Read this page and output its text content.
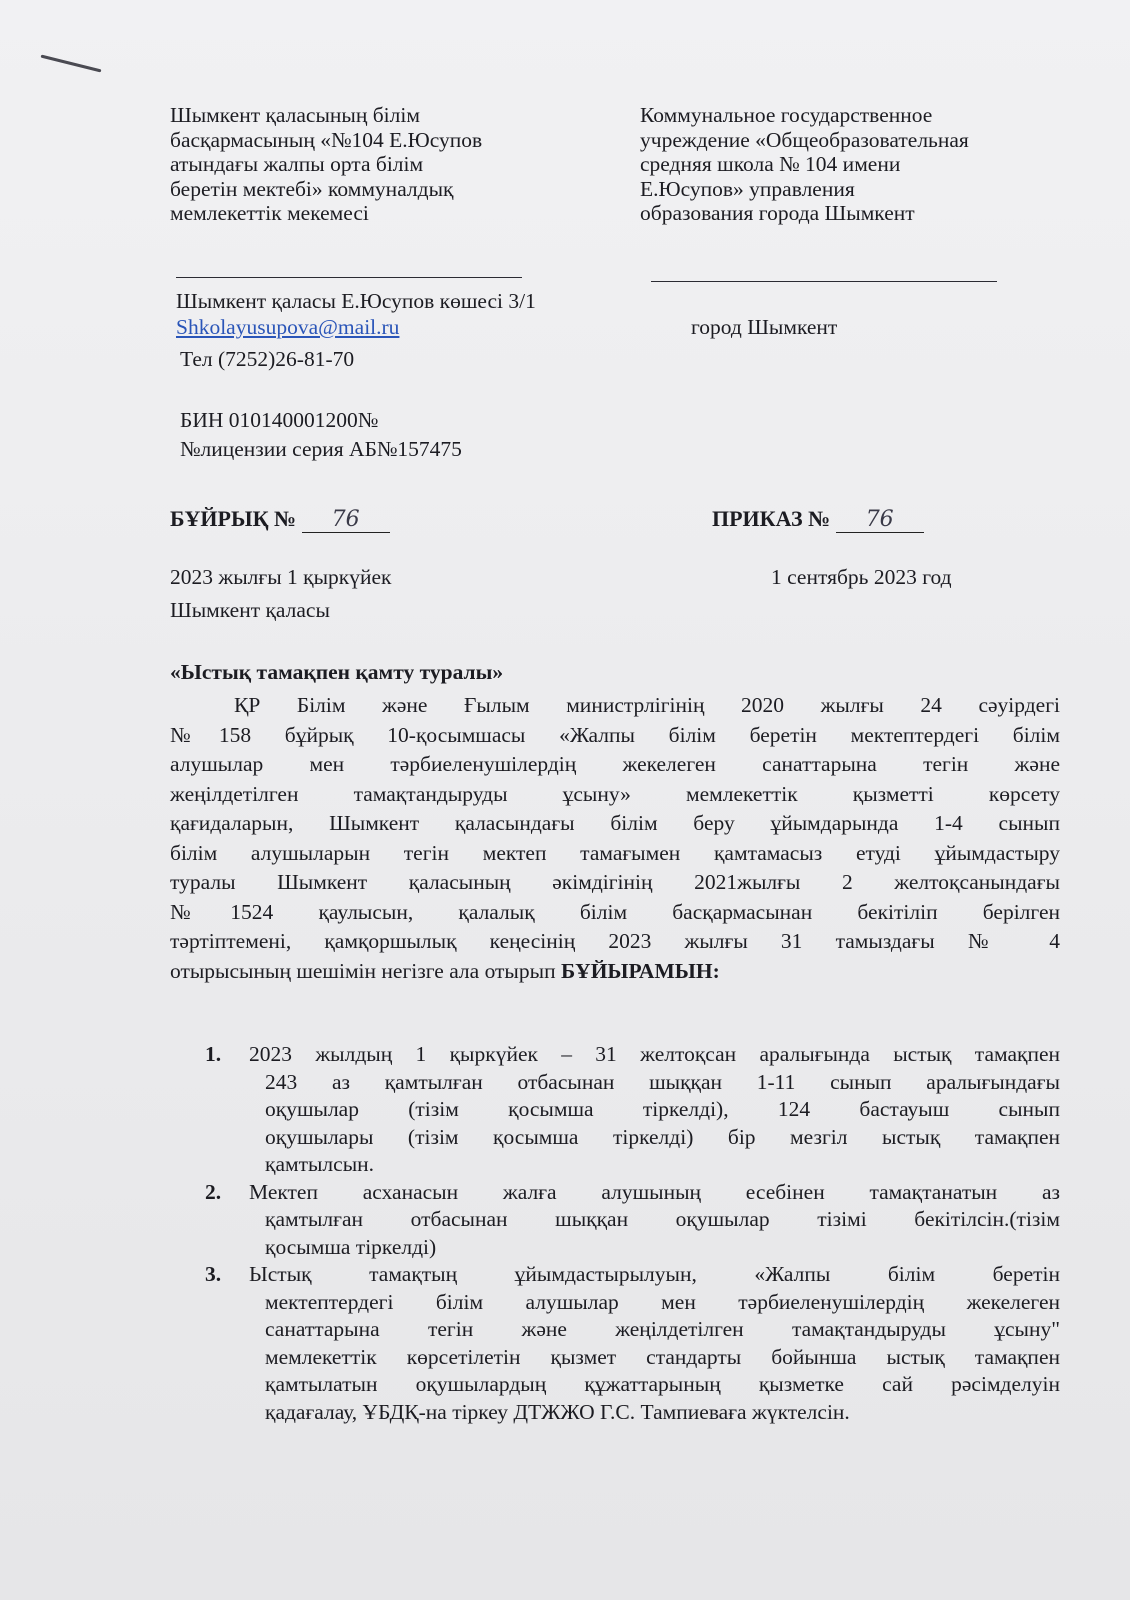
Шымкент қаласының білім
басқармасының «№104 Е.Юсупов
атындағы жалпы орта білім
беретін мектебі» коммуналдық
мемлекеттік мекемесі
Коммунальное государственное
учреждение «Общеобразовательная
средняя школа № 104 имени
Е.Юсупов» управления
образования города Шымкент
Шымкент қаласы Е.Юсупов көшесі 3/1
Shkolayusupova@mail.ru	город Шымкент
Тел (7252)26-81-70
БИН 010140001200№
№лицензии серия АБ№157475
БҰЙРЫҚ № 76	ПРИКАЗ № 76
2023 жылғы 1 қыркүйек
Шымкент қаласы
1 сентябрь 2023 год
«Ыстық тамақпен қамту туралы»
ҚР Білім және Ғылым министрлігінің 2020 жылғы 24 сәуірдегі
№158 бұйрық 10-қосымшасы «Жалпы білім беретін мектептердегі білім
алушылар мен тәрбиеленушілердің жекелеген санаттарына тегін және
жеңілдетілген тамақтандыруды ұсыну» мемлекеттік қызметті көрсету
қағидаларын, Шымкент қаласындағы білім беру ұйымдарында 1-4 сынып
білім алушыларын тегін мектеп тамағымен қамтамасыз етуді ұйымдастыру
туралы Шымкент қаласының әкімдігінің 2021жылғы 2 желтоқсанындағы
№1524 қаулысын, қалалық білім басқармасынан бекітіліп берілген
тәртіптемені, қамқоршылық кеңесінің 2023 жылғы 31 тамыздағы № 4
отырысының шешімін негізге ала отырып БҰЙЫРАМЫН:
1. 2023 жылдың 1 қыркүйек – 31 желтоқсан аралығында ыстық тамақпен
243 аз қамтылған отбасынан шыққан 1-11 сынып аралығындағы
оқушылар (тізім қосымша тіркелді), 124 бастауыш сынып
оқушылары (тізім қосымша тіркелді) бір мезгіл ыстық тамақпен
қамтылсын.
2. Мектеп асханасын жалға алушының есебінен тамақтанатын аз
қамтылған отбасынан шыққан оқушылар тізімі бекітілсін.(тізім
қосымша тіркелді)
3. Ыстық тамақтың ұйымдастырылуын, «Жалпы білім беретін
мектептердегі білім алушылар мен тәрбиеленушілердің жекелеген
санаттарына тегін және жеңілдетілген тамақтандыруды ұсыну"
мемлекеттік көрсетілетін қызмет стандарты бойынша ыстық тамақпен
қамтылатын оқушылардың құжаттарының қызметке сай рәсімделуін
қадағалау, ҰБДҚ-на тіркеу ДТЖЖО Г.С. Тампиеваға жүктелсін.
